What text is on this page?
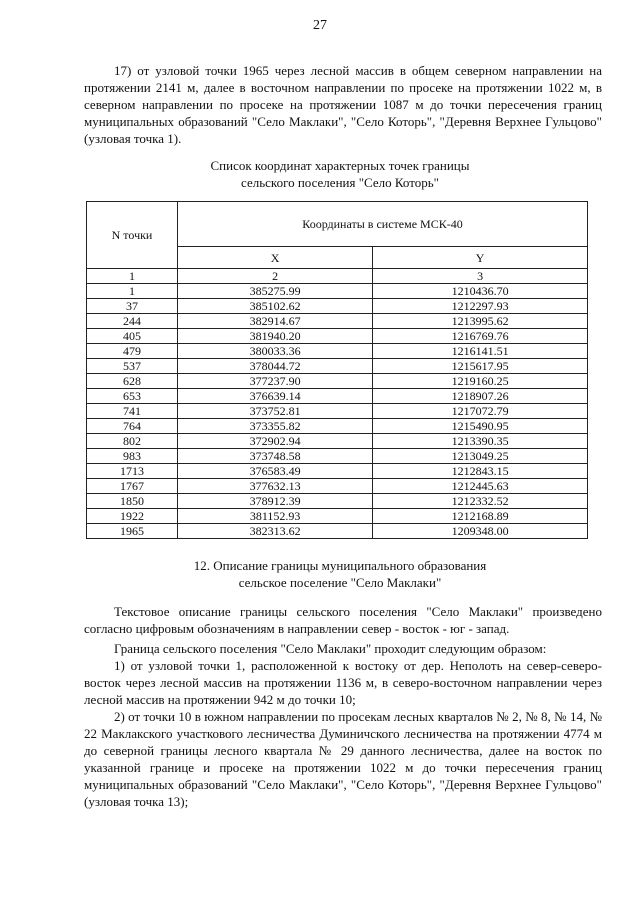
27

17) от узловой точки 1965 через лесной массив в общем северном направлении на протяжении 2141 м, далее в восточном направлении по просеке на протяжении 1022 м, в северном направлении по просеке на протяжении 1087 м до точки пересечения границ муниципальных образований "Село Маклаки", "Село Которь", "Деревня Верхнее Гульцово" (узловая точка 1).

Список координат характерных точек границы
сельского поселения "Село Которь"
N точки	Координаты в системе МСК-40	
	X	Y
1	2	3
1	385275.99	1210436.70
37	385102.62	1212297.93
244	382914.67	1213995.62
405	381940.20	1216769.76
479	380033.36	1216141.51
537	378044.72	1215617.95
628	377237.90	1219160.25
653	376639.14	1218907.26
741	373752.81	1217072.79
764	373355.82	1215490.95
802	372902.94	1213390.35
983	373748.58	1213049.25
1713	376583.49	1212843.15
1767	377632.13	1212445.63
1850	378912.39	1212332.52
1922	381152.93	1212168.89
1965	382313.62	1209348.00
12. Описание границы муниципального образования
сельское поселение "Село Маклаки"

Текстовое описание границы сельского поселения "Село Маклаки" произведено согласно цифровым обозначениям в направлении север - восток - юг - запад.

Граница сельского поселения "Село Маклаки" проходит следующим образом:

1) от узловой точки 1, расположенной к востоку от дер. Неполоть на север-северо-восток через лесной массив на протяжении 1136 м, в северо-восточном направлении через лесной массив на протяжении 942 м до точки 10;

2) от точки 10 в южном направлении по просекам лесных кварталов № 2, № 8, № 14, № 22 Маклакского участкового лесничества Думиничского лесничества на протяжении 4774 м до северной границы лесного квартала № 29 данного лесничества, далее на восток по указанной границе и просеке на протяжении 1022 м до точки пересечения границ муниципальных образований "Село Маклаки", "Село Которь", "Деревня Верхнее Гульцово" (узловая точка 13);
